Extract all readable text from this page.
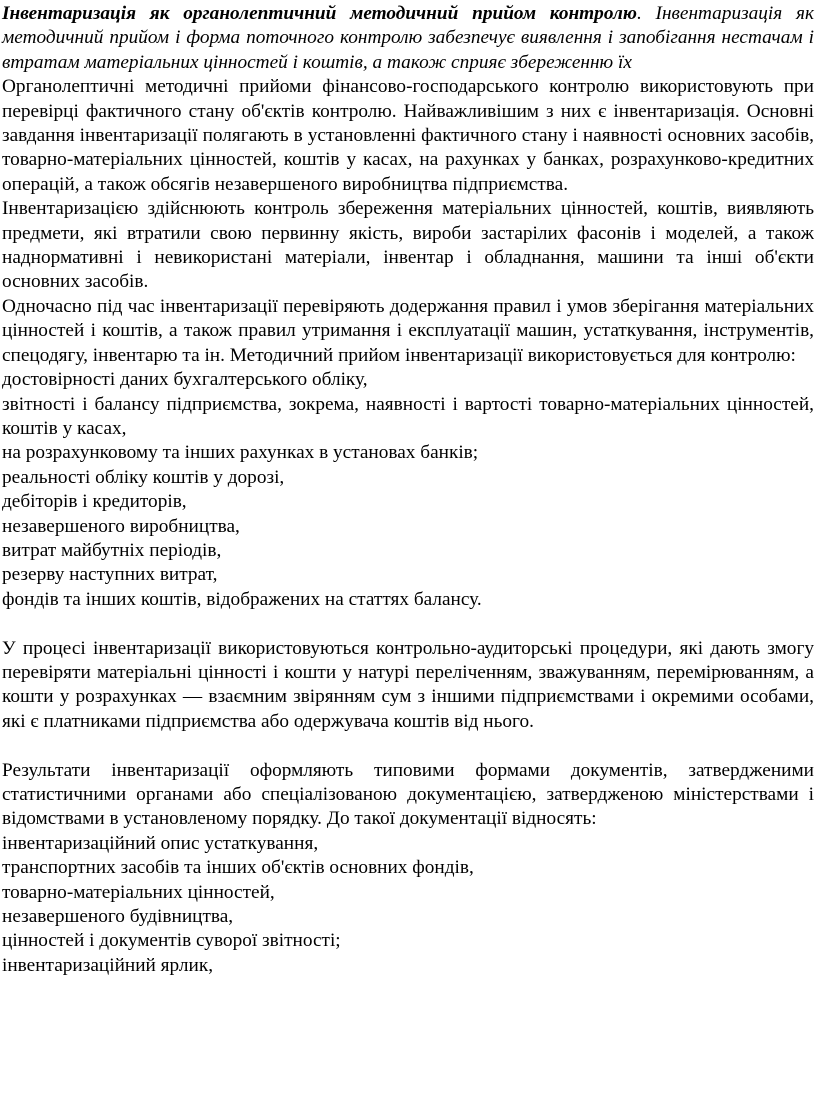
Інвентаризація як органолептичний методичний прийом контролю. Інвентаризація як методичний прийом і форма поточного контролю забезпечує виявлення і запобігання нестачам і втратам матеріальних цінностей і коштів, а також сприяє збереженню їх

Органолептичні методичні прийоми фінансово-господарського контролю використовують при перевірці фактичного стану об'єктів контролю. Найважливішим з них є інвентаризація. Основні завдання інвентаризації полягають в установленні фактичного стану і наявності основних засобів, товарно-матеріальних цінностей, коштів у касах, на рахунках у банках, розрахунково-кредитних операцій, а також обсягів незавершеного виробництва підприємства.

Інвентаризацією здійснюють контроль збереження матеріальних цінностей, коштів, виявляють предмети, які втратили свою первинну якість, вироби застарілих фасонів і моделей, а також наднормативні і невикористані матеріали, інвентар і обладнання, машини та інші об'єкти основних засобів.

Одночасно під час інвентаризації перевіряють додержання правил і умов зберігання матеріальних цінностей і коштів, а також правил утримання і експлуатації машин, устаткування, інструментів, спецодягу, інвентарю та ін. Методичний прийом інвентаризації використовується для контролю:

достовірності даних бухгалтерського обліку,

звітності і балансу підприємства, зокрема, наявності і вартості товарно-матеріальних цінностей, коштів у касах,

на розрахунковому та інших рахунках в установах банків;

реальності обліку коштів у дорозі,

дебіторів і кредиторів,

незавершеного виробництва,

витрат майбутніх періодів,

резерву наступних витрат,

фондів та інших коштів, відображених на статтях балансу.

У процесі інвентаризації використовуються контрольно-аудиторські процедури, які дають змогу перевіряти матеріальні цінності і кошти у натурі переліченням, зважуванням, перемірюванням, а кошти у розрахунках — взаємним звірянням сум з іншими підприємствами і окремими особами, які є платниками підприємства або одержувача коштів від нього.

Результати інвентаризації оформляють типовими формами документів, затвердженими статистичними органами або спеціалізованою документацією, затвердженою міністерствами і відомствами в установленому порядку. До такої документації відносять:

інвентаризаційний опис устаткування,

транспортних засобів та інших об'єктів основних фондів,

товарно-матеріальних цінностей,

незавершеного будівництва,

цінностей і документів суворої звітності;

інвентаризаційний ярлик,
